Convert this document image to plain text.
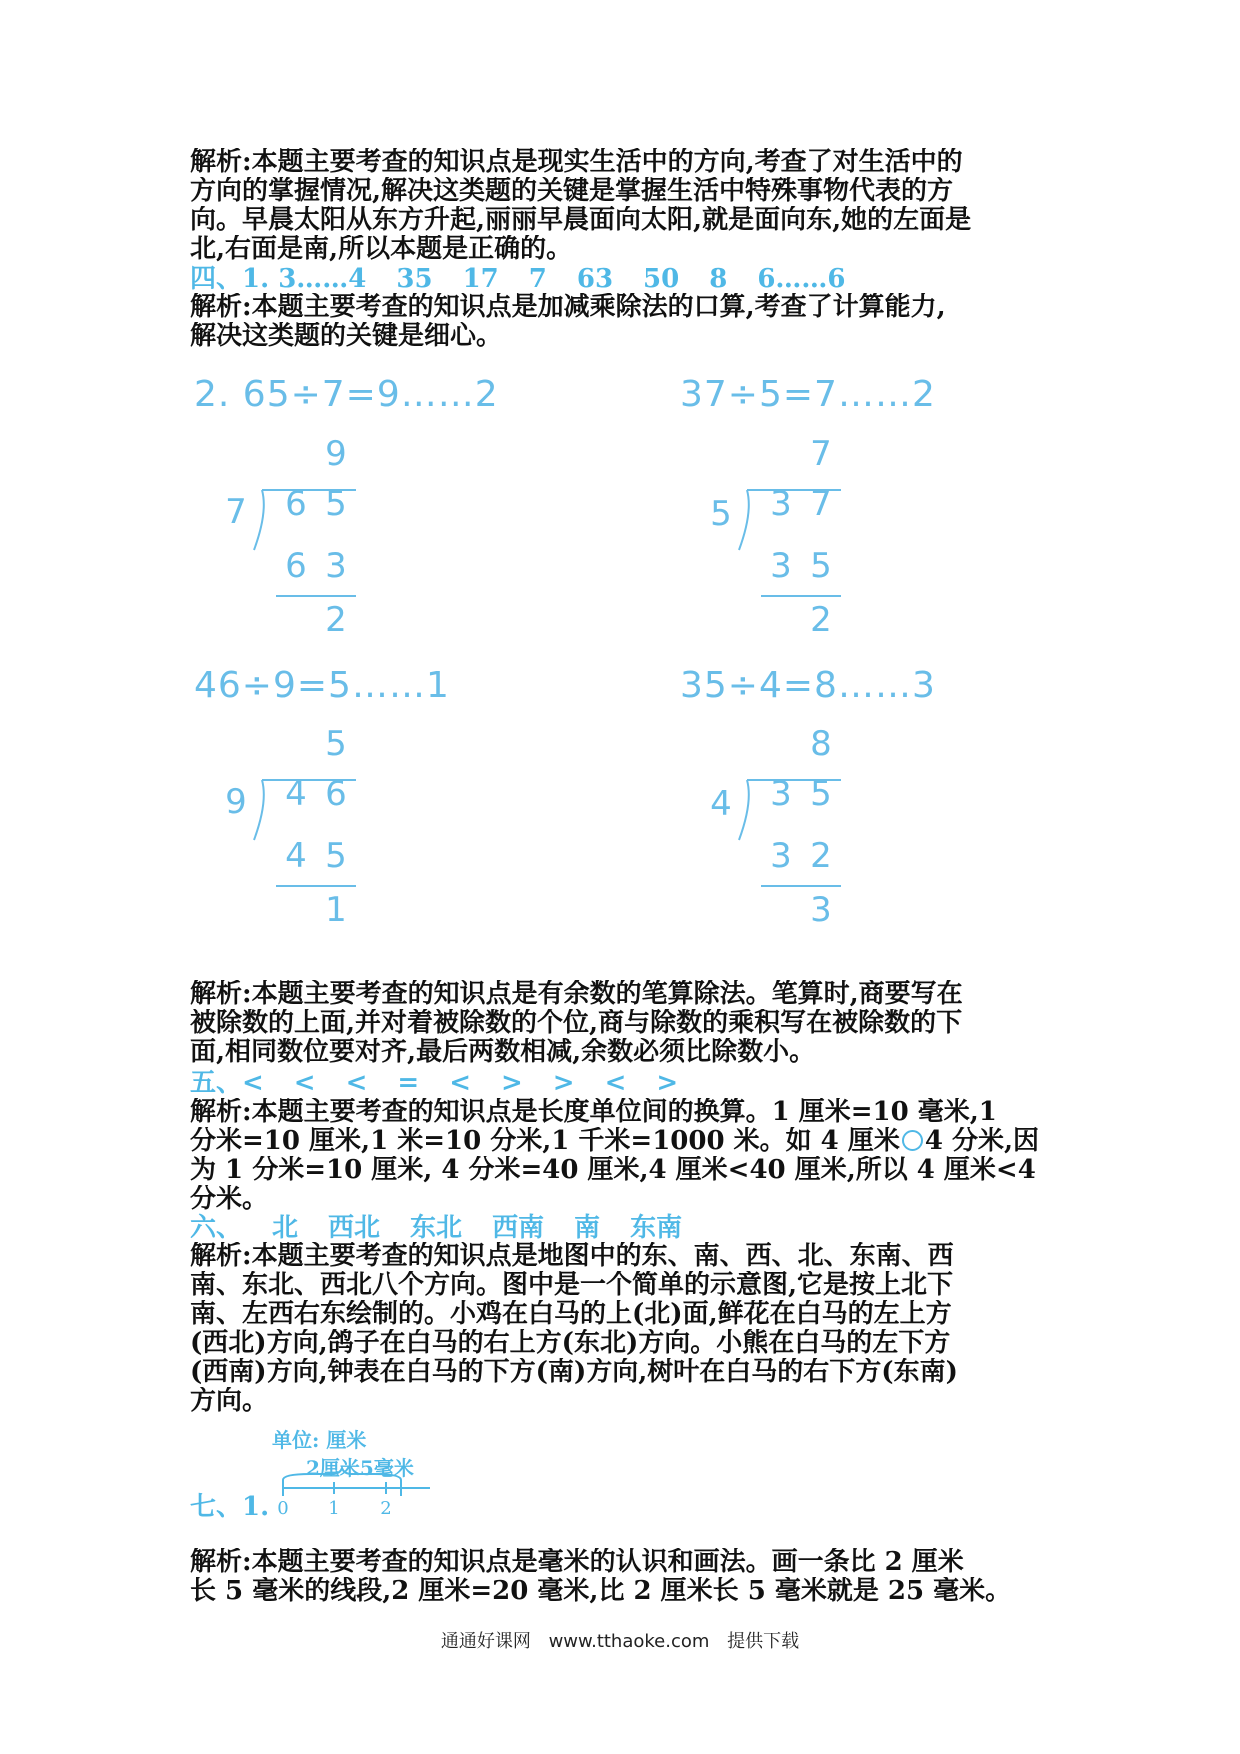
解析:本题主要考查的知识点是现实生活中的方向,考查了对生活中的
方向的掌握情况,解决这类题的关键是掌握生活中特殊事物代表的方
向。早晨太阳从东方升起,丽丽早晨面向太阳,就是面向东,她的左面是
北,右面是南,所以本题是正确的。
四、1. 3……4 35 17 7 63 50 8 6……6
解析:本题主要考查的知识点是加减乘除法的口算,考查了计算能力,
解决这类题的关键是细心。
2. 65÷7=9……2	37÷5=7……2
46÷9=5……1	35÷4=8……3
9
7 6 5
6 3
2
7
5 3 7
3 5
2
5
9 4 6
4 5
1
8
4 3 5
3 2
3
解析:本题主要考查的知识点是有余数的笔算除法。笔算时,商要写在
被除数的上面,并对着被除数的个位,商与除数的乘积写在被除数的下
面,相同数位要对齐,最后两数相减,余数必须比除数小。
五、< < < = < > > < >
解析:本题主要考查的知识点是长度单位间的换算。1 厘米=10 毫米,1
分米=10 厘米,1 米=10 分米,1 千米=1000 米。如 4 厘米 4 分米,因
为 1 分米=10 厘米, 4 分米=40 厘米,4 厘米<40 厘米,所以 4 厘米<4
分米。
六、 北 西北 东北 西南 南 东南
解析:本题主要考查的知识点是地图中的东、南、西、北、东南、西
南、东北、西北八个方向。图中是一个简单的示意图,它是按上北下
南、左西右东绘制的。小鸡在白马的上(北)面,鲜花在白马的左上方
(西北)方向,鸽子在白马的右上方(东北)方向。小熊在白马的左下方
(西南)方向,钟表在白马的下方(南)方向,树叶在白马的右下方(东南)
方向。
单位: 厘米
2厘米5毫米
0 1 2
七、1.
解析:本题主要考查的知识点是毫米的认识和画法。画一条比 2 厘米
长 5 毫米的线段,2 厘米=20 毫米,比 2 厘米长 5 毫米就是 25 毫米。
通通好课网 www.tthaoke.com 提供下载
